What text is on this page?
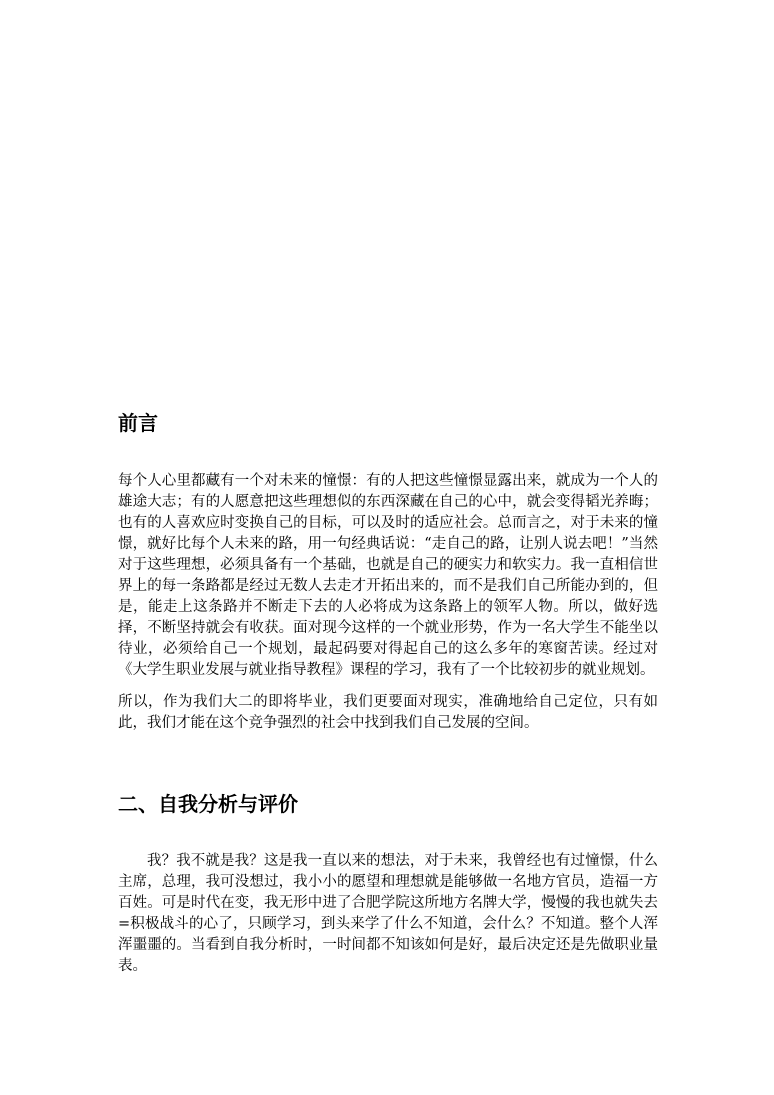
前言

每个人心里都藏有一个对未来的憧憬：有的人把这些憧憬显露出来，就成为一个人的雄途大志；有的人愿意把这些理想似的东西深藏在自己的心中，就会变得韬光养晦；也有的人喜欢应时变换自己的目标，可以及时的适应社会。总而言之，对于未来的憧憬，就好比每个人未来的路，用一句经典话说：“走自己的路，让别人说去吧！”当然对于这些理想，必须具备有一个基础，也就是自己的硬实力和软实力。我一直相信世界上的每一条路都是经过无数人去走才开拓出来的，而不是我们自己所能办到的，但是，能走上这条路并不断走下去的人必将成为这条路上的领军人物。所以，做好选择，不断坚持就会有收获。面对现今这样的一个就业形势，作为一名大学生不能坐以待业，必须给自己一个规划，最起码要对得起自己的这么多年的寒窗苦读。经过对《大学生职业发展与就业指导教程》课程的学习，我有了一个比较初步的就业规划。

所以，作为我们大二的即将毕业，我们更要面对现实，准确地给自己定位，只有如此，我们才能在这个竞争强烈的社会中找到我们自己发展的空间。

二、自我分析与评价

我？我不就是我？这是我一直以来的想法，对于未来，我曾经也有过憧憬，什么主席，总理，我可没想过，我小小的愿望和理想就是能够做一名地方官员，造福一方百姓。可是时代在变，我无形中进了合肥学院这所地方名牌大学，慢慢的我也就失去=积极战斗的心了，只顾学习，到头来学了什么不知道，会什么？不知道。整个人浑浑噩噩的。当看到自我分析时，一时间都不知该如何是好，最后决定还是先做职业量表。
